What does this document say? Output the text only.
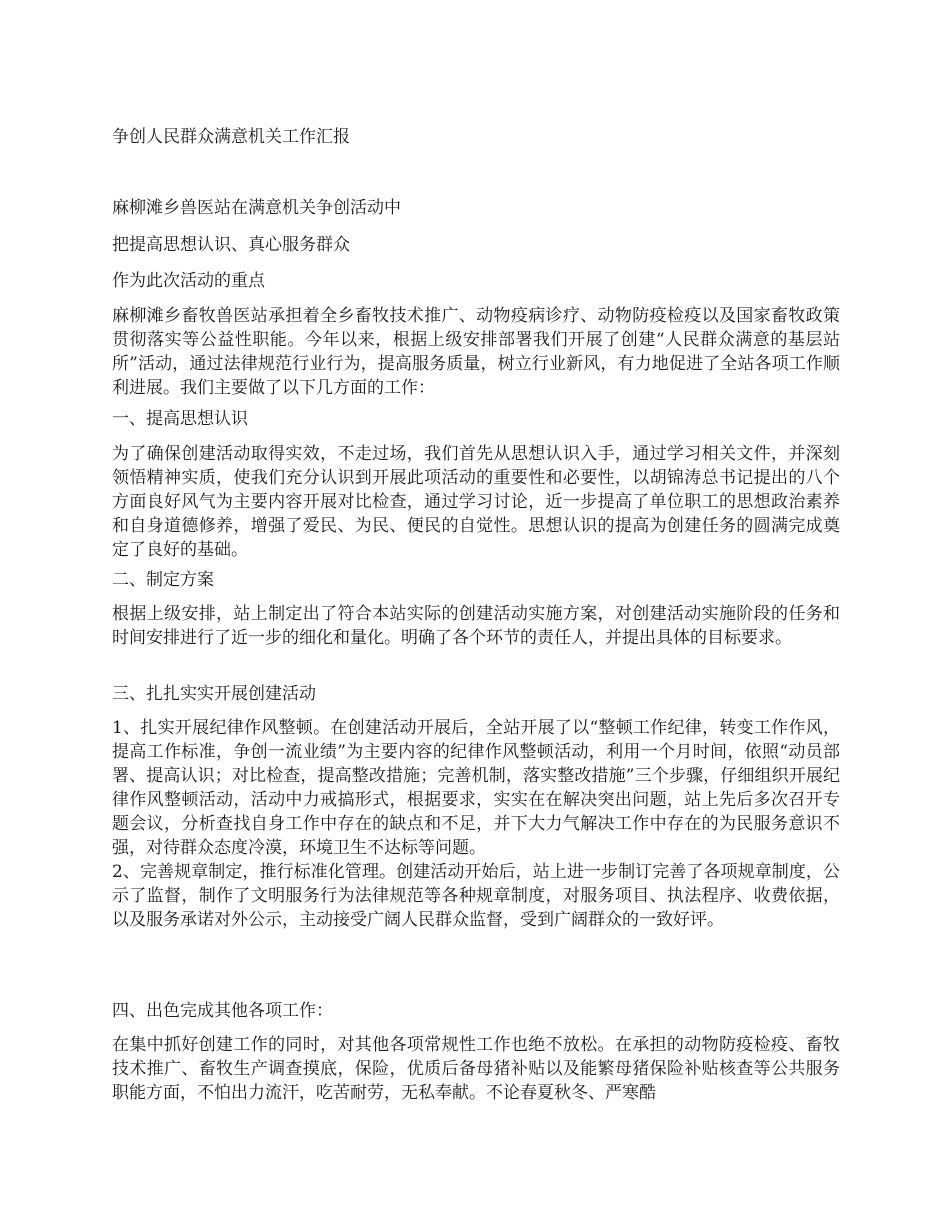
争创人民群众满意机关工作汇报

麻柳滩乡兽医站在满意机关争创活动中

把提高思想认识、真心服务群众

作为此次活动的重点

麻柳滩乡畜牧兽医站承担着全乡畜牧技术推广、动物疫病诊疗、动物防疫检疫以及国家畜牧政策贯彻落实等公益性职能。今年以来，根据上级安排部署我们开展了创建“人民群众满意的基层站所”活动，通过法律规范行业行为，提高服务质量，树立行业新风，有力地促进了全站各项工作顺利进展。我们主要做了以下几方面的工作：

一、提高思想认识

为了确保创建活动取得实效，不走过场，我们首先从思想认识入手，通过学习相关文件，并深刻领悟精神实质，使我们充分认识到开展此项活动的重要性和必要性，以胡锦涛总书记提出的八个方面良好风气为主要内容开展对比检查，通过学习讨论，近一步提高了单位职工的思想政治素养和自身道德修养，增强了爱民、为民、便民的自觉性。思想认识的提高为创建任务的圆满完成奠定了良好的基础。

二、制定方案

根据上级安排，站上制定出了符合本站实际的创建活动实施方案，对创建活动实施阶段的任务和时间安排进行了近一步的细化和量化。明确了各个环节的责任人，并提出具体的目标要求。

三、扎扎实实开展创建活动

1、扎实开展纪律作风整顿。在创建活动开展后，全站开展了以“整顿工作纪律，转变工作作风，提高工作标准，争创一流业绩”为主要内容的纪律作风整顿活动，利用一个月时间，依照“动员部署、提高认识；对比检查，提高整改措施；完善机制，落实整改措施”三个步骤，仔细组织开展纪律作风整顿活动，活动中力戒搞形式，根据要求，实实在在解决突出问题，站上先后多次召开专题会议，分析查找自身工作中存在的缺点和不足，并下大力气解决工作中存在的为民服务意识不强，对待群众态度冷漠，环境卫生不达标等问题。

2、完善规章制定，推行标准化管理。创建活动开始后，站上进一步制订完善了各项规章制度，公示了监督，制作了文明服务行为法律规范等各种规章制度，对服务项目、执法程序、收费依据，以及服务承诺对外公示，主动接受广阔人民群众监督，受到广阔群众的一致好评。

四、出色完成其他各项工作：

在集中抓好创建工作的同时，对其他各项常规性工作也绝不放松。在承担的动物防疫检疫、畜牧技术推广、畜牧生产调查摸底，保险，优质后备母猪补贴以及能繁母猪保险补贴核查等公共服务职能方面，不怕出力流汗，吃苦耐劳，无私奉献。不论春夏秋冬、严寒酷
